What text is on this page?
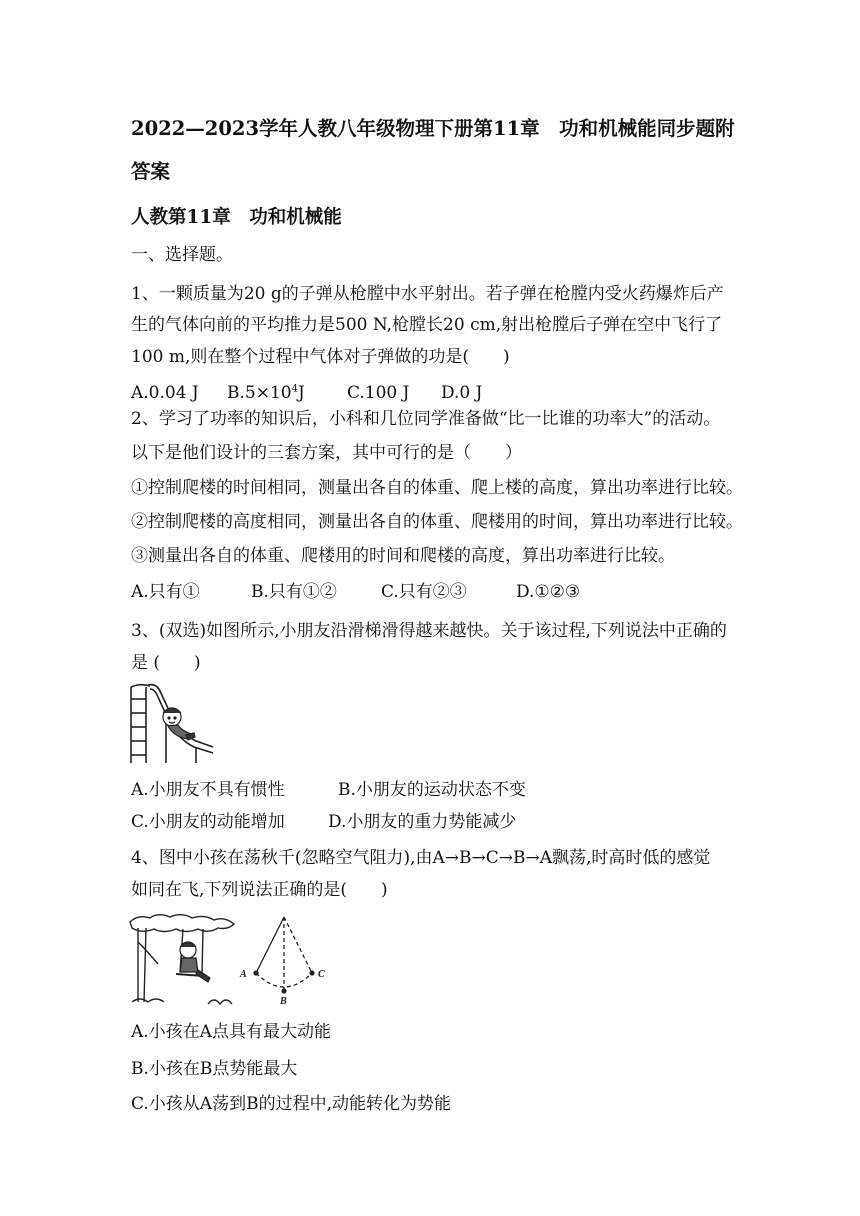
2022—2023学年人教八年级物理下册第11章　功和机械能同步题附
答案
人教第11章　功和机械能
一、选择题。
1、一颗质量为20 g的子弹从枪膛中水平射出。若子弹在枪膛内受火药爆炸后产
生的气体向前的平均推力是500 N,枪膛长20 cm,射出枪膛后子弹在空中飞行了
100 m,则在整个过程中气体对子弹做的功是(　　)
A.0.04 J $B.5\times 10^4J$ C.100 J D.0 J
2、学习了功率的知识后，小科和几位同学准备做“比一比谁的功率大”的活动。
以下是他们设计的三套方案，其中可行的是（　　）
①控制爬楼的时间相同，测量出各自的体重、爬上楼的高度，算出功率进行比较。
②控制爬楼的高度相同，测量出各自的体重、爬楼用的时间，算出功率进行比较。
③测量出各自的体重、爬楼用的时间和爬楼的高度，算出功率进行比较。
A.只有①	B.只有①②	C.只有②③	D.①②③
3、(双选)如图所示,小朋友沿滑梯滑得越来越快。关于该过程,下列说法中正确的
是 (　　)
A.小朋友不具有惯性	B.小朋友的运动状态不变
C.小朋友的动能增加	D.小朋友的重力势能减少
4、图中小孩在荡秋千(忽略空气阻力),由A→B→C→B→A飘荡,时高时低的感觉
如同在飞,下列说法正确的是(　　)
A
B
C
A.小孩在A点具有最大动能
B.小孩在B点势能最大
C.小孩从A荡到B的过程中,动能转化为势能
